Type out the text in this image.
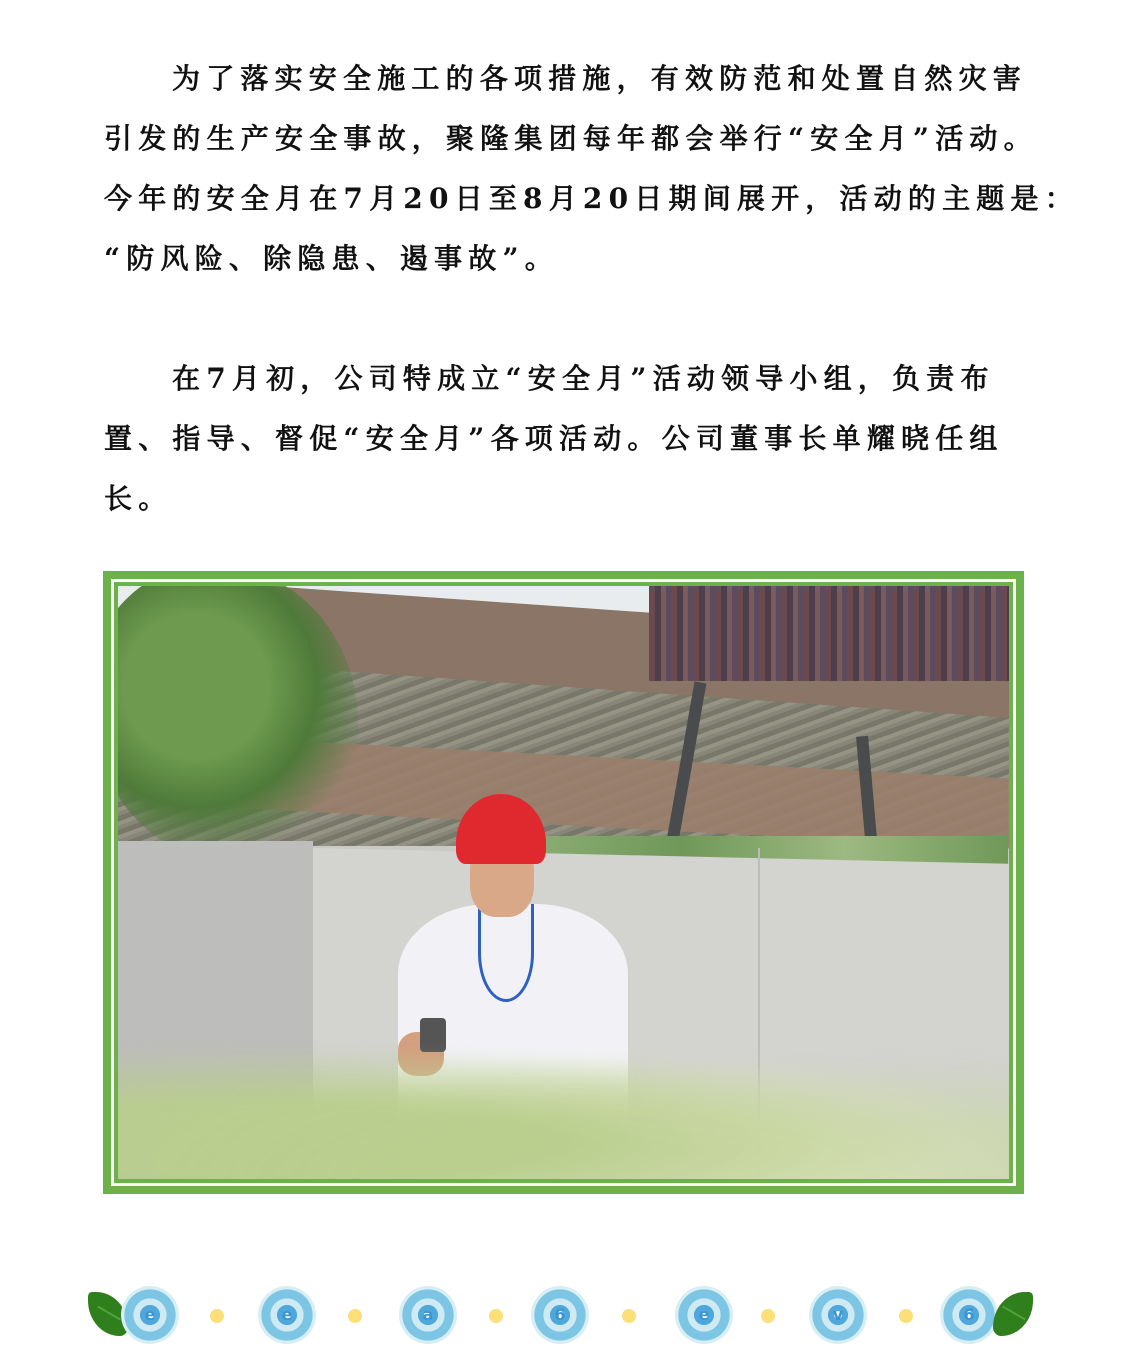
为了落实安全施工的各项措施，有效防范和处置自然灾害
引发的生产安全事故，聚隆集团每年都会举行“安全月”活动。
今年的安全月在7月20日至8月20日期间展开，活动的主题是：
“防风险、除隐患、遏事故”。
在7月初，公司特成立“安全月”活动领导小组，负责布
置、指导、督促“安全月”各项活动。公司董事长单耀晓任组
长。
e	e	a	6	e	v	6
